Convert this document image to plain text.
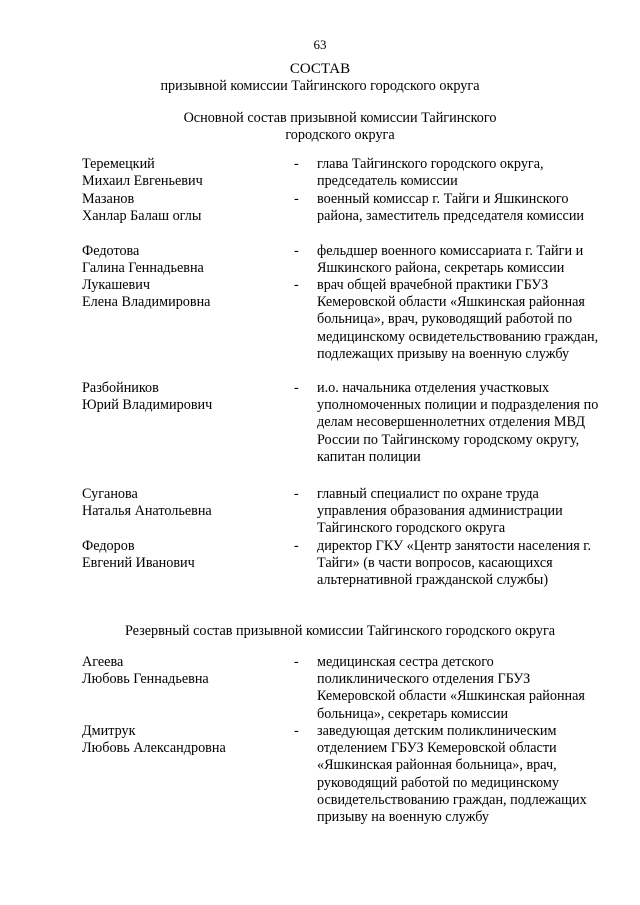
63
СОСТАВ
призывной комиссии Тайгинского городского округа
Основной состав призывной комиссии Тайгинского городского округа
Теремецкий
Михаил Евгеньевич
- глава Тайгинского городского округа, председатель комиссии
Мазанов
Ханлар Балаш оглы
- военный комиссар г. Тайги и Яшкинского района, заместитель председателя комиссии
Федотова
Галина Геннадьевна
- фельдшер военного комиссариата г. Тайги и Яшкинского района, секретарь комиссии
Лукашевич
Елена Владимировна
- врач общей врачебной практики ГБУЗ Кемеровской области «Яшкинская районная больница», врач, руководящий работой по медицинскому освидетельствованию граждан, подлежащих призыву на военную службу
Разбойников
Юрий Владимирович
- и.о. начальника отделения участковых уполномоченных полиции и подразделения по делам несовершеннолетних отделения МВД России по Тайгинскому городскому округу, капитан полиции
Суганова
Наталья Анатольевна
- главный специалист по охране труда управления образования администрации Тайгинского городского округа
Федоров
Евгений Иванович
- директор ГКУ «Центр занятости населения г. Тайги» (в части вопросов, касающихся альтернативной гражданской службы)
Резервный состав призывной комиссии Тайгинского городского округа
Агеева
Любовь Геннадьевна
- медицинская сестра детского поликлинического отделения ГБУЗ Кемеровской области «Яшкинская районная больница», секретарь комиссии
Дмитрук
Любовь Александровна
- заведующая детским поликлиническим отделением ГБУЗ Кемеровской области «Яшкинская районная больница», врач, руководящий работой по медицинскому освидетельствованию граждан, подлежащих призыву на военную службу
